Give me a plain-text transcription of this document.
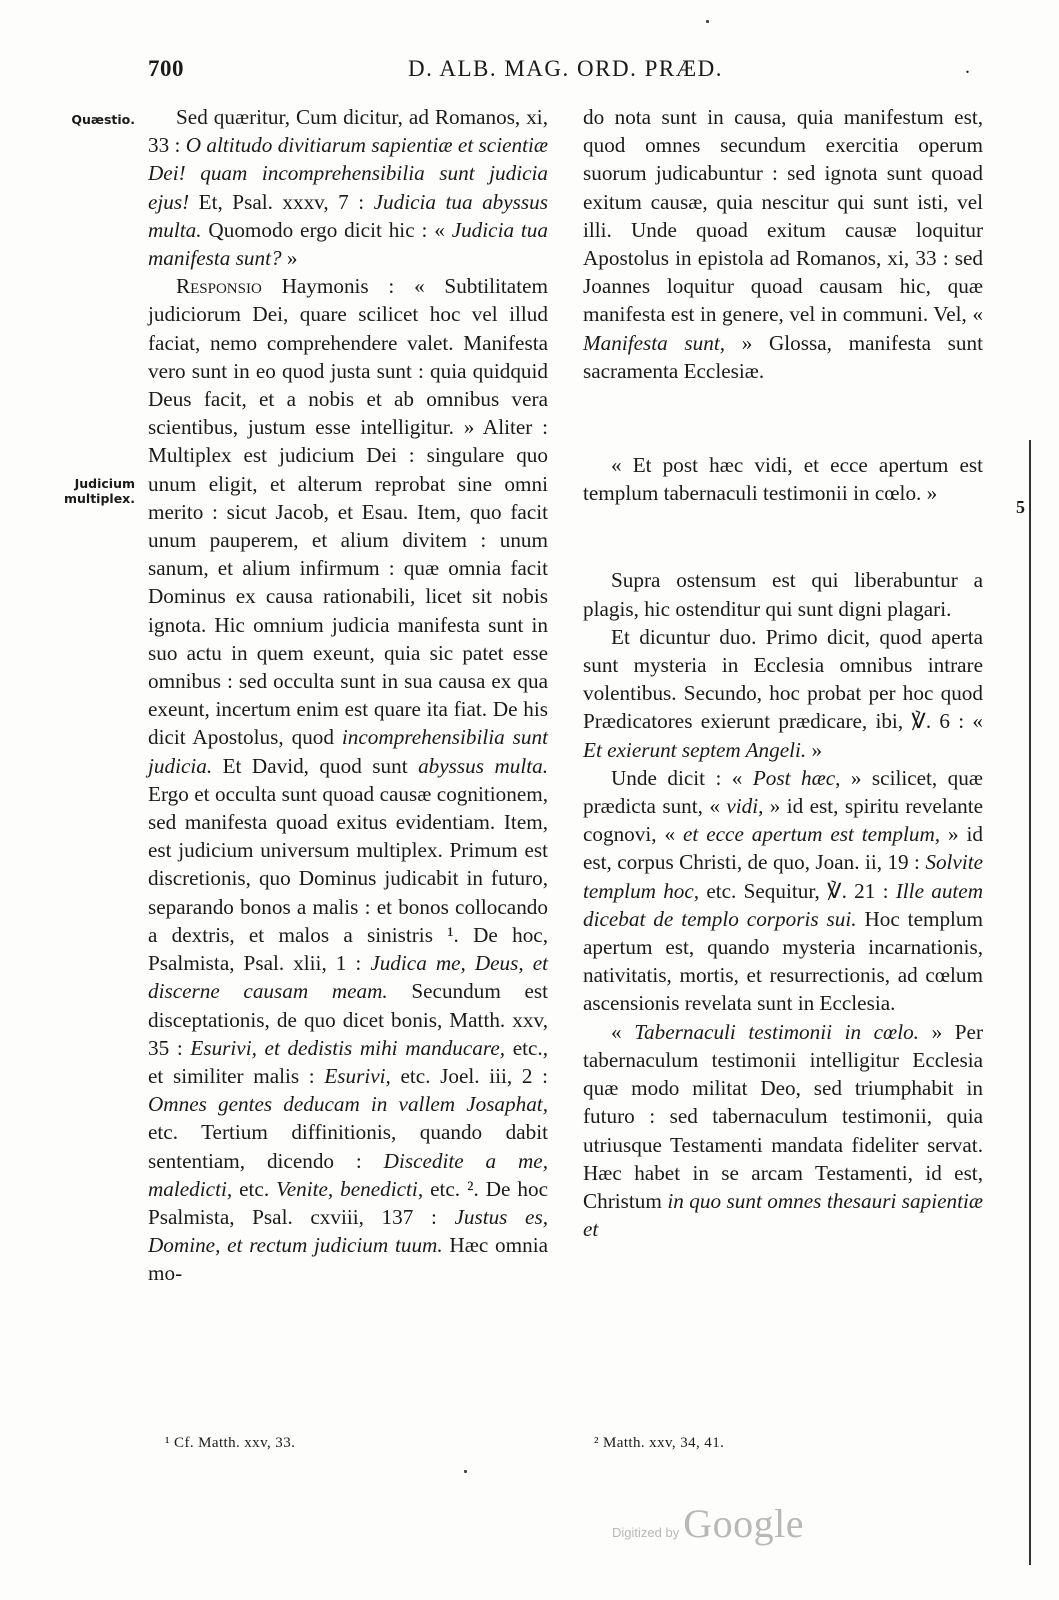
700	D. ALB. MAG. ORD. PRÆD.	.
Quæstio.
Judicium multiplex.

Sed quæritur, Cum dicitur, ad Romanos, xi, 33 : O altitudo divitiarum sapientiæ et scientiæ Dei! quam incomprehensibilia sunt judicia ejus! Et, Psal. xxxv, 7 : Judicia tua abyssus multa. Quomodo ergo dicit hic : « Judicia tua manifesta sunt? »

Responsio Haymonis : « Subtilitatem judiciorum Dei, quare scilicet hoc vel illud faciat, nemo comprehendere valet. Manifesta vero sunt in eo quod justa sunt : quia quidquid Deus facit, et a nobis et ab omnibus vera scientibus, justum esse intelligitur. » Aliter : Multiplex est judicium Dei : singulare quo unum eligit, et alterum reprobat sine omni merito : sicut Jacob, et Esau. Item, quo facit unum pauperem, et alium divitem : unum sanum, et alium infirmum : quæ omnia facit Dominus ex causa rationabili, licet sit nobis ignota. Hic omnium judicia manifesta sunt in suo actu in quem exeunt, quia sic patet esse omnibus : sed occulta sunt in sua causa ex qua exeunt, incertum enim est quare ita fiat. De his dicit Apostolus, quod incomprehensibilia sunt judicia. Et David, quod sunt abyssus multa. Ergo et occulta sunt quoad causæ cognitionem, sed manifesta quoad exitus evidentiam. Item, est judicium universum multiplex. Primum est discretionis, quo Dominus judicabit in futuro, separando bonos a malis : et bonos collocando a dextris, et malos a sinistris ¹. De hoc, Psalmista, Psal. xlii, 1 : Judica me, Deus, et discerne causam meam. Secundum est disceptationis, de quo dicet bonis, Matth. xxv, 35 : Esurivi, et dedistis mihi manducare, etc., et similiter malis : Esurivi, etc. Joel. iii, 2 : Omnes gentes deducam in vallem Josaphat, etc. Tertium diffinitionis, quando dabit sententiam, dicendo : Discedite a me, maledicti, etc. Venite, benedicti, etc. ². De hoc Psalmista, Psal. cxviii, 137 : Justus es, Domine, et rectum judicium tuum. Hæc omnia mo-

do nota sunt in causa, quia manifestum est, quod omnes secundum exercitia operum suorum judicabuntur : sed ignota sunt quoad exitum causæ, quia nescitur qui sunt isti, vel illi. Unde quoad exitum causæ loquitur Apostolus in epistola ad Romanos, xi, 33 : sed Joannes loquitur quoad causam hic, quæ manifesta est in genere, vel in communi. Vel, « Manifesta sunt, » Glossa, manifesta sunt sacramenta Ecclesiæ.

« Et post hæc vidi, et ecce apertum est templum tabernaculi testimonii in cœlo. »

Supra ostensum est qui liberabuntur a plagis, hic ostenditur qui sunt digni plagari.

Et dicuntur duo. Primo dicit, quod aperta sunt mysteria in Ecclesia omnibus intrare volentibus. Secundo, hoc probat per hoc quod Prædicatores exierunt prædicare, ibi, ℣. 6 : « Et exierunt septem Angeli. »

Unde dicit : « Post hæc, » scilicet, quæ prædicta sunt, « vidi, » id est, spiritu revelante cognovi, « et ecce apertum est templum, » id est, corpus Christi, de quo, Joan. ii, 19 : Solvite templum hoc, etc. Sequitur, ℣. 21 : Ille autem dicebat de templo corporis sui. Hoc templum apertum est, quando mysteria incarnationis, nativitatis, mortis, et resurrectionis, ad cœlum ascensionis revelata sunt in Ecclesia.

« Tabernaculi testimonii in cœlo. » Per tabernaculum testimonii intelligitur Ecclesia quæ modo militat Deo, sed triumphabit in futuro : sed tabernaculum testimonii, quia utriusque Testamenti mandata fideliter servat. Hæc habet in se arcam Testamenti, id est, Christum in quo sunt omnes thesauri sapientiæ et

5
¹ Cf. Matth. xxv, 33.	² Matth. xxv, 34, 41.
Digitized by Google
